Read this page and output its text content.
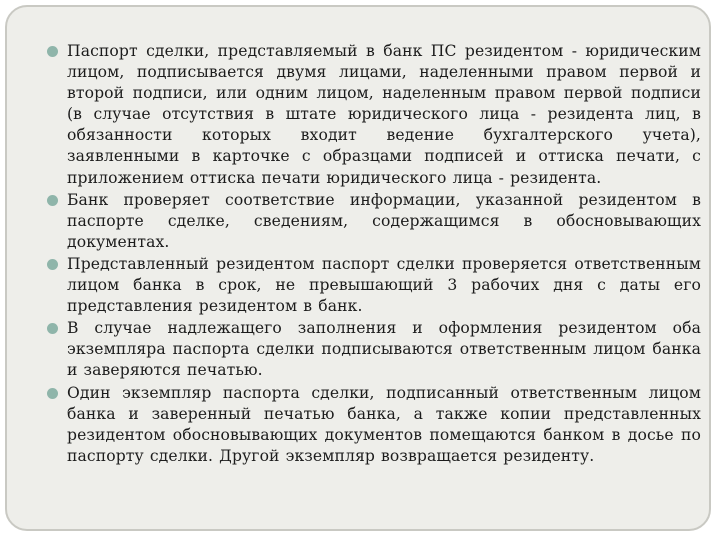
Паспорт сделки, представляемый в банк ПС резидентом - юридическим лицом, подписывается двумя лицами, наделенными правом первой и второй подписи, или одним лицом, наделенным правом первой подписи (в случае отсутствия в штате юридического лица - резидента лиц, в обязанности которых входит ведение бухгалтерского учета), заявленными в карточке с образцами подписей и оттиска печати, с приложением оттиска печати юридического лица - резидента.
Банк проверяет соответствие информации, указанной резидентом в паспорте сделке, сведениям, содержащимся в обосновывающих документах.
Представленный резидентом паспорт сделки проверяется ответственным лицом банка в срок, не превышающий 3 рабочих дня с даты его представления резидентом в банк.
В случае надлежащего заполнения и оформления резидентом оба экземпляра паспорта сделки подписываются ответственным лицом банка и заверяются печатью.
Один экземпляр паспорта сделки, подписанный ответственным лицом банка и заверенный печатью банка, а также копии представленных резидентом обосновывающих документов помещаются банком в досье по паспорту сделки. Другой экземпляр возвращается резиденту.
